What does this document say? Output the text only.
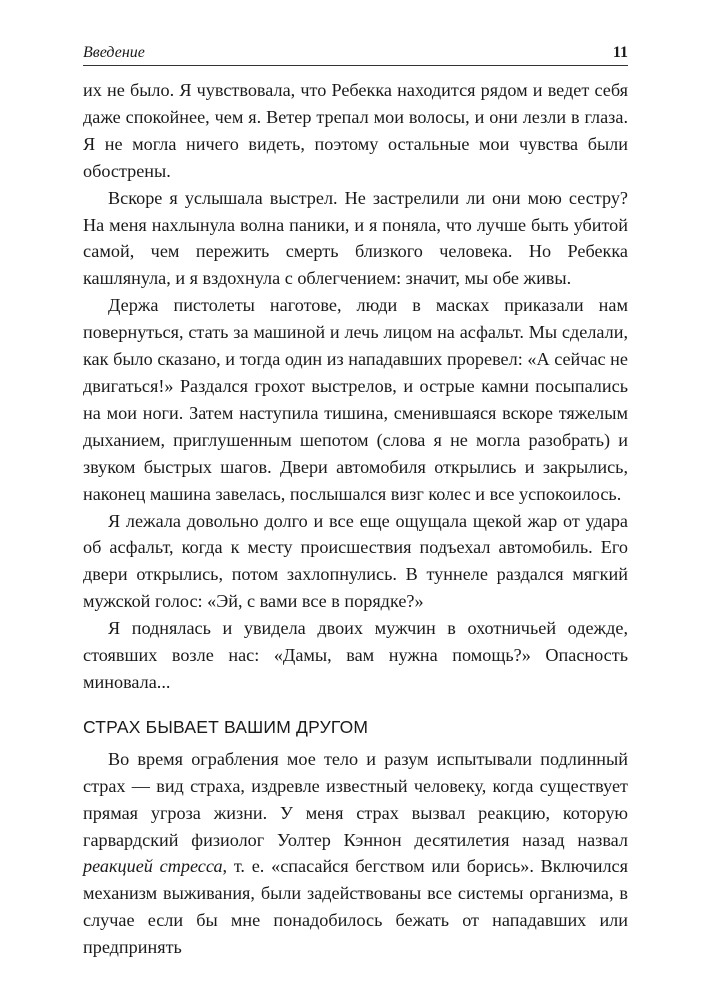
Введение	11

их не было. Я чувствовала, что Ребекка находится рядом и ведет себя даже спокойнее, чем я. Ветер трепал мои волосы, и они лезли в глаза. Я не могла ничего видеть, поэтому остальные мои чувства были обострены.

Вскоре я услышала выстрел. Не застрелили ли они мою сестру? На меня нахлынула волна паники, и я поняла, что лучше быть убитой самой, чем пережить смерть близкого человека. Но Ребекка кашлянула, и я вздохнула с облегчением: значит, мы обе живы.

Держа пистолеты наготове, люди в масках приказали нам повернуться, стать за машиной и лечь лицом на асфальт. Мы сделали, как было сказано, и тогда один из нападавших проревел: «А сейчас не двигаться!» Раздался грохот выстрелов, и острые камни посыпались на мои ноги. Затем наступила тишина, сменившаяся вскоре тяжелым дыханием, приглушенным шепотом (слова я не могла разобрать) и звуком быстрых шагов. Двери автомобиля открылись и закрылись, наконец машина завелась, послышался визг колес и все успокоилось.

Я лежала довольно долго и все еще ощущала щекой жар от удара об асфальт, когда к месту происшествия подъехал автомобиль. Его двери открылись, потом захлопнулись. В туннеле раздался мягкий мужской голос: «Эй, с вами все в порядке?»

Я поднялась и увидела двоих мужчин в охотничьей одежде, стоявших возле нас: «Дамы, вам нужна помощь?» Опасность миновала...

СТРАХ БЫВАЕТ ВАШИМ ДРУГОМ

Во время ограбления мое тело и разум испытывали подлинный страх — вид страха, издревле известный человеку, когда существует прямая угроза жизни. У меня страх вызвал реакцию, которую гарвардский физиолог Уолтер Кэннон десятилетия назад назвал реакцией стресса, т. е. «спасайся бегством или борись». Включился механизм выживания, были задействованы все системы организма, в случае если бы мне понадобилось бежать от нападавших или предпринять
